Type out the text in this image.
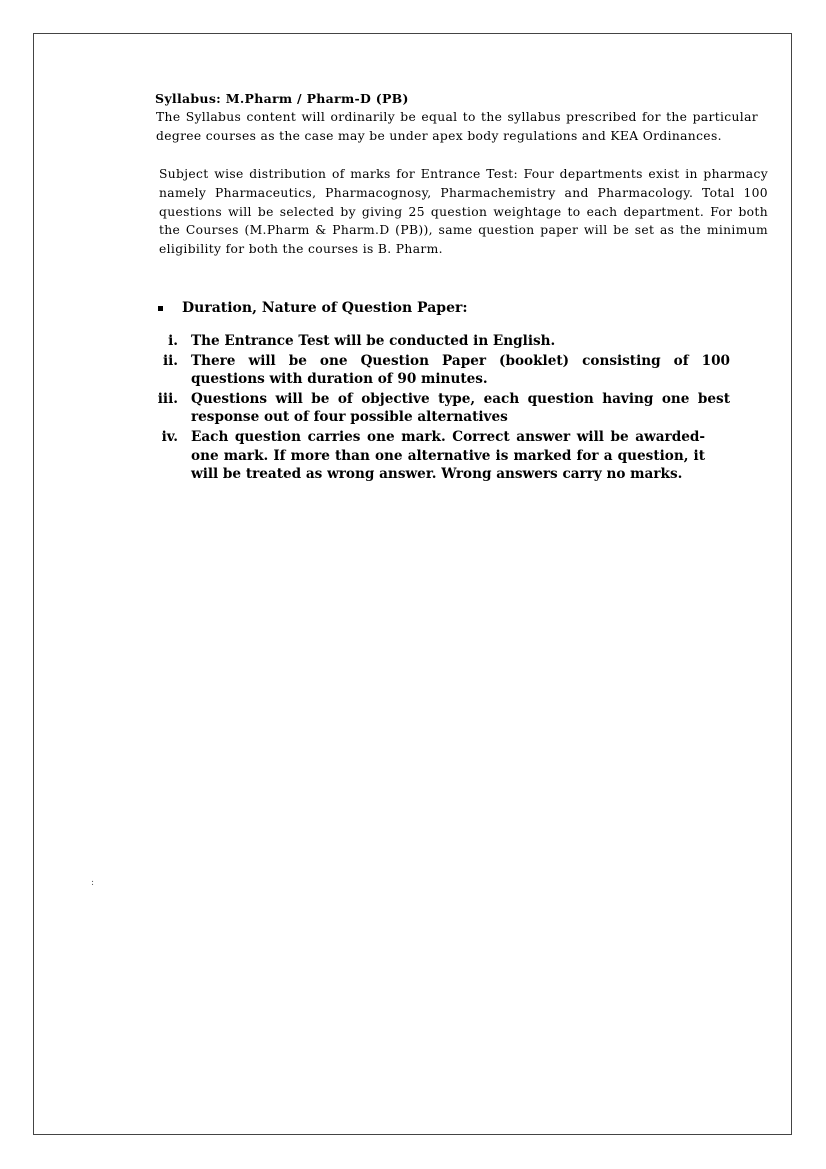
Syllabus: M.Pharm / Pharm-D (PB)
The Syllabus content will ordinarily be equal to the syllabus prescribed for the particular degree courses as the case may be under apex body regulations and KEA Ordinances.
Subject wise distribution of marks for Entrance Test: Four departments exist in pharmacy namely Pharmaceutics, Pharmacognosy, Pharmachemistry and Pharmacology. Total 100 questions will be selected by giving 25 question weightage to each department. For both the Courses (M.Pharm & Pharm.D (PB)), same question paper will be set as the minimum eligibility for both the courses is B. Pharm.
Duration, Nature of Question Paper:
i. The Entrance Test will be conducted in English.
ii. There will be one Question Paper (booklet) consisting of 100 questions with duration of 90 minutes.
iii. Questions will be of objective type, each question having one best response out of four possible alternatives
iv. Each question carries one mark. Correct answer will be awarded- one mark. If more than one alternative is marked for a question, it will be treated as wrong answer. Wrong answers carry no marks.
:
